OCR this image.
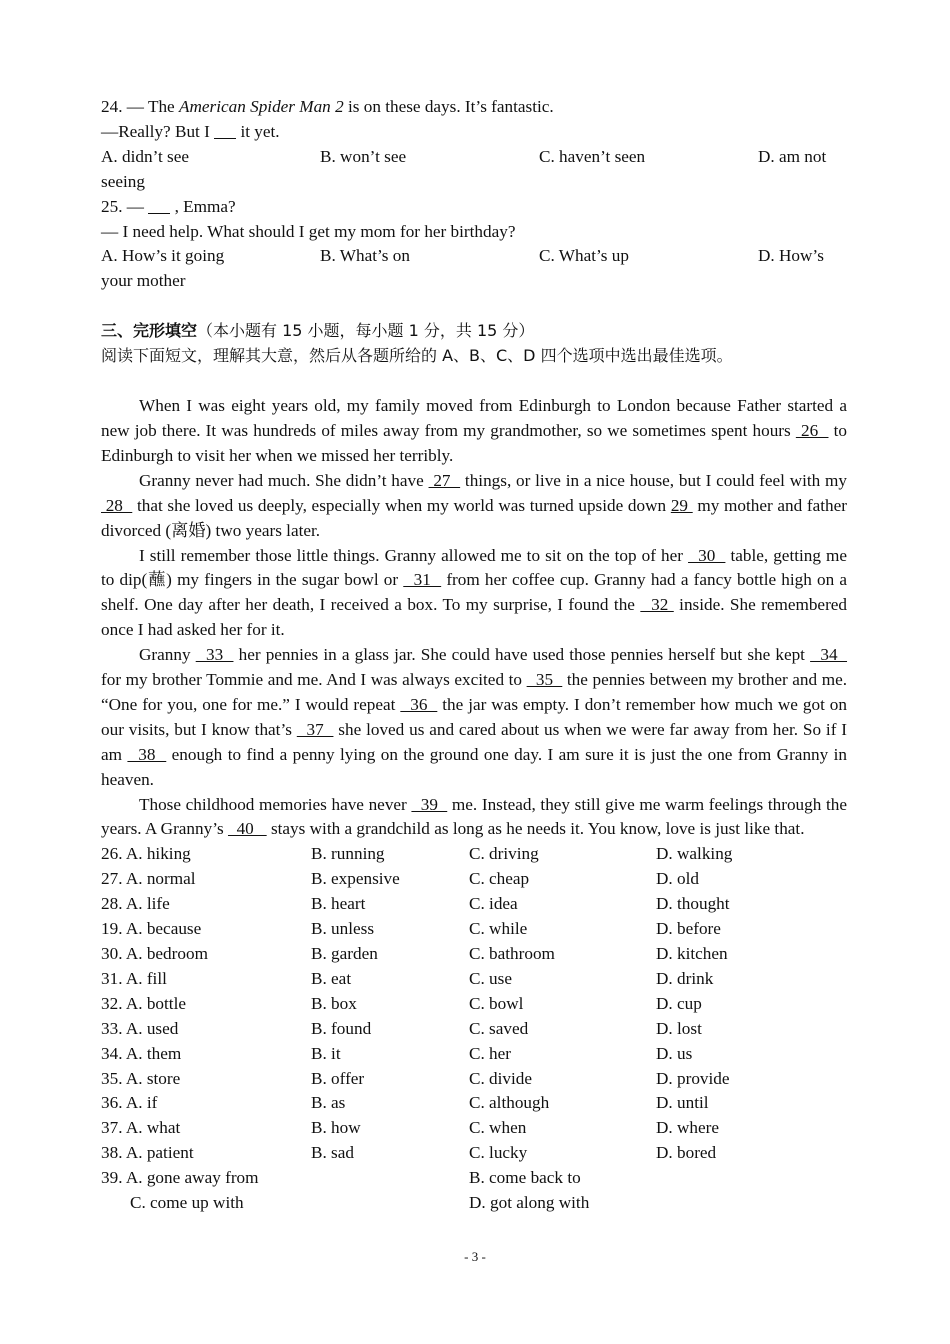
24. — The American Spider Man 2 is on these days. It’s fantastic.
—Really? But I  it yet.
A. didn’t see	B. won’t see	C. haven’t seen	D. am not
seeing
25. —  , Emma?
— I need help. What should I get my mom for her birthday?
A. How’s it going	B. What’s on	C. What’s up	D. How’s
your mother
三、完形填空（本小题有 15 小题，每小题 1 分，共 15 分）
阅读下面短文，理解其大意，然后从各题所给的 A、B、C、D 四个选项中选出最佳选项。

When I was eight years old, my family moved from Edinburgh to London because Father started a new job there. It was hundreds of miles away from my grandmother, so we sometimes spent hours  26   to Edinburgh to visit her when we missed her terribly.

Granny never had much. She didn’t have  27   things, or live in a nice house, but I could feel with my  28   that she loved us deeply, especially when my world was turned upside down 29  my mother and father divorced (离婚) two years later.

I still remember those little things. Granny allowed me to sit on the top of her   30   table, getting me to dip(蘸) my fingers in the sugar bowl or   31   from her coffee cup. Granny had a fancy bottle high on a shelf. One day after her death, I received a box. To my surprise, I found the   32  inside. She remembered once I had asked her for it.

Granny   33   her pennies in a glass jar. She could have used those pennies herself but she kept   34   for my brother Tommie and me. And I was always excited to   35   the pennies between my brother and me. “One for you, one for me.” I would repeat   36   the jar was empty. I don’t remember how much we got on our visits, but I know that’s   37   she loved us and cared about us when we were far away from her. So if I am   38   enough to find a penny lying on the ground one day. I am sure it is just the one from Granny in heaven.

Those childhood memories have never   39   me. Instead, they still give me warm feelings through the years. A Granny’s   40    stays with a grandchild as long as he needs it. You know, love is just like that.

26. A. hiking	B. running	C. driving	D. walking
27. A. normal	B. expensive	C. cheap	D. old
28. A. life	B. heart	C. idea	D. thought
19. A. because	B. unless	C. while	D. before
30. A. bedroom	B. garden	C. bathroom	D. kitchen
31. A. fill	B. eat	C. use	D. drink
32. A. bottle	B. box	C. bowl	D. cup
33. A. used	B. found	C. saved	D. lost
34. A. them	B. it	C. her	D. us
35. A. store	B. offer	C. divide	D. provide
36. A. if	B. as	C. although	D. until
37. A. what	B. how	C. when	D. where
38. A. patient	B. sad	C. lucky	D. bored
39. A. gone away from	B. come back to
C. come up with	D. got along with
- 3 -
